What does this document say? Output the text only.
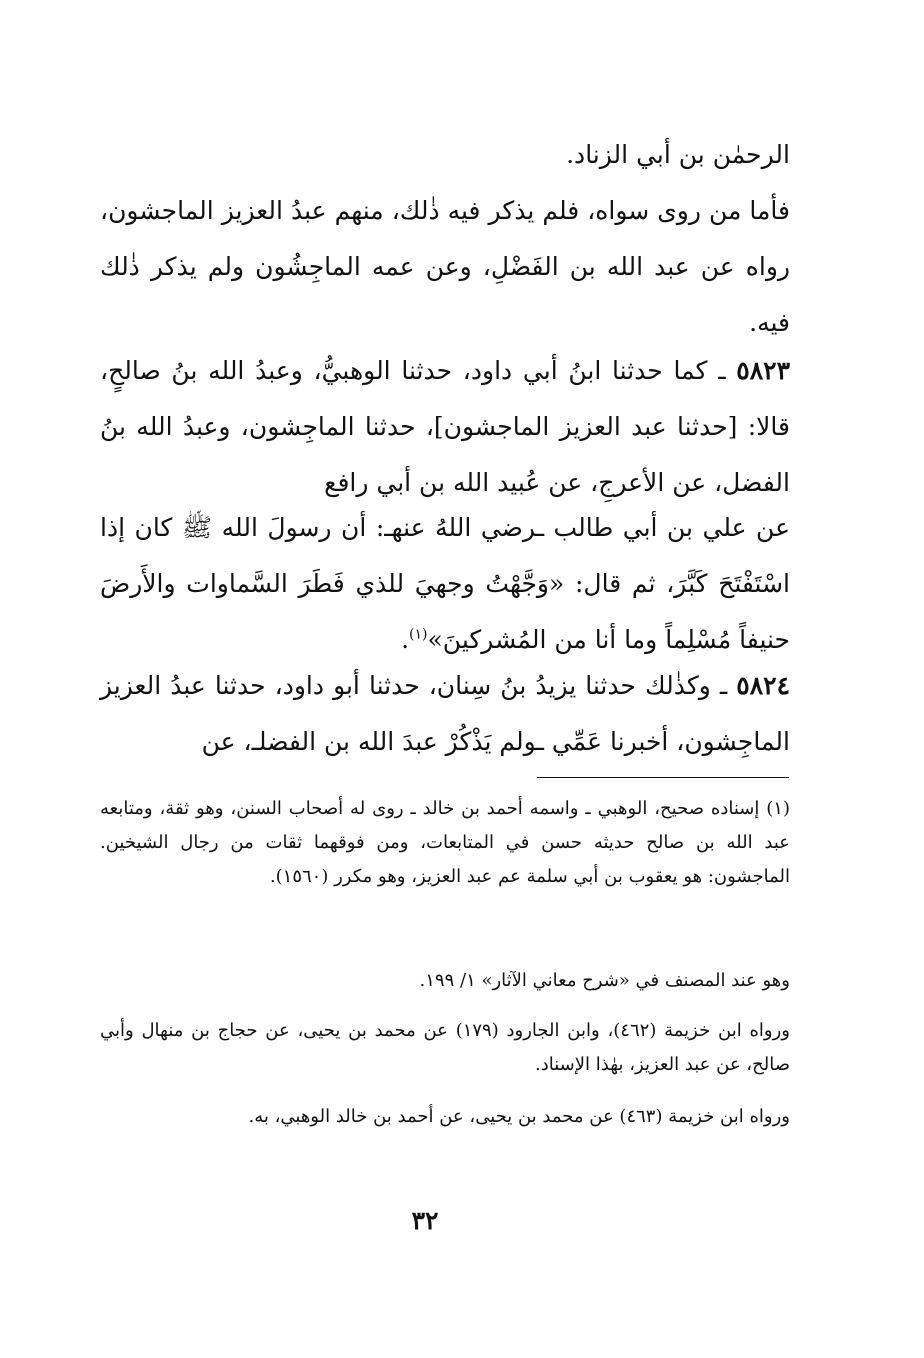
الرحمٰن بن أبي الزناد.

فأما من روى سواه، فلم يذكر فيه ذٰلك، منهم عبدُ العزيز الماجشون، رواه عن عبد الله بن الفَضْلِ، وعن عمه الماجِشُون ولم يذكر ذٰلك فيه.

٥٨٢٣ ـ كما حدثنا ابنُ أبي داود، حدثنا الوهبيُّ، وعبدُ الله بنُ صالحٍ، قالا: [حدثنا عبد العزيز الماجشون]، حدثنا الماجِشون، وعبدُ الله بنُ الفضل، عن الأعرجِ، عن عُبيد الله بن أبي رافع

عن علي بن أبي طالب ـرضي اللهُ عنهـ: أن رسولَ الله ﷺ كان إذا اسْتَفْتَحَ كَبَّرَ، ثم قال: «وَجَّهْتُ وجهيَ للذي فَطَرَ السَّماوات والأَرضَ حنيفاً مُسْلِماً وما أنا من المُشركينَ»$^{(١)}$.

٥٨٢٤ ـ وكذٰلك حدثنا يزيدُ بنُ سِنان، حدثنا أبو داود، حدثنا عبدُ العزيز الماجِشون، أخبرنا عَمِّي ـولم يَذْكُرْ عبدَ الله بن الفضلـ، عن

(١) إسناده صحيح، الوهبي ـ واسمه أحمد بن خالد ـ روى له أصحاب السنن، وهو ثقة، ومتابعه عبد الله بن صالح حديثه حسن في المتابعات، ومن فوقهما ثقات من رجال الشيخين. الماجشون: هو يعقوب بن أبي سلمة عم عبد العزيز، وهو مكرر (١٥٦٠).

وهو عند المصنف في «شرح معاني الآثار» ١/ ١٩٩.

ورواه ابن خزيمة (٤٦٢)، وابن الجارود (١٧٩) عن محمد بن يحيى، عن حجاج بن منهال وأبي صالح، عن عبد العزيز، بهٰذا الإسناد.

ورواه ابن خزيمة (٤٦٣) عن محمد بن يحيى، عن أحمد بن خالد الوهبي، به.

٣٢
